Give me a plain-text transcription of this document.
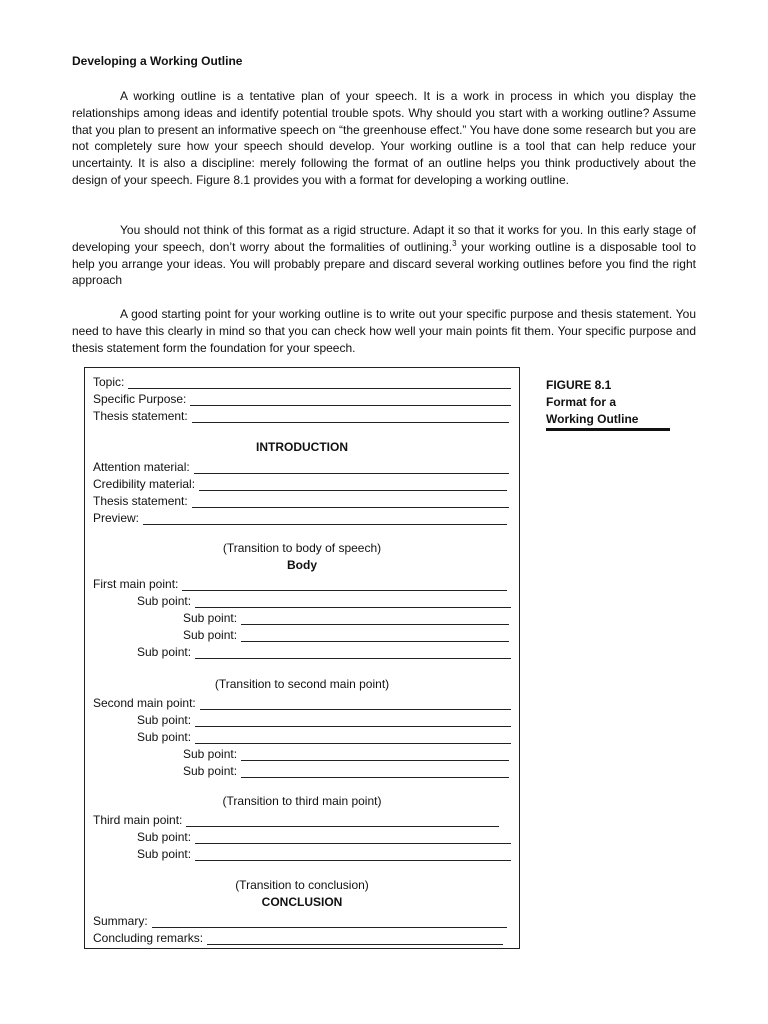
Developing a Working Outline

A working outline is a tentative plan of your speech. It is a work in process in which you display the relationships among ideas and identify potential trouble spots. Why should you start with a working outline? Assume that you plan to present an informative speech on “the greenhouse effect.” You have done some research but you are not completely sure how your speech should develop. Your working outline is a tool that can help reduce your uncertainty. It is also a discipline: merely following the format of an outline helps you think productively about the design of your speech. Figure 8.1 provides you with a format for developing a working outline.

You should not think of this format as a rigid structure. Adapt it so that it works for you. In this early stage of developing your speech, don’t worry about the formalities of outlining.$^3$ your working outline is a disposable tool to help you arrange your ideas. You will probably prepare and discard several working outlines before you find the right approach

A good starting point for your working outline is to write out your specific purpose and thesis statement. You need to have this clearly in mind so that you can check how well your main points fit them. Your specific purpose and thesis statement form the foundation for your speech.

Topic:
Specific Purpose:
Thesis statement:
INTRODUCTION
Attention material:
Credibility material:
Thesis statement:
Preview:
(Transition to body of speech)
Body
First main point:
Sub point:
Sub point:
Sub point:
Sub point:
(Transition to second main point)
Second main point:
Sub point:
Sub point:
Sub point:
Sub point:
(Transition to third main point)
Third main point:
Sub point:
Sub point:
(Transition to conclusion)
CONCLUSION
Summary:
Concluding remarks:
FIGURE 8.1
Format for a
Working Outline
